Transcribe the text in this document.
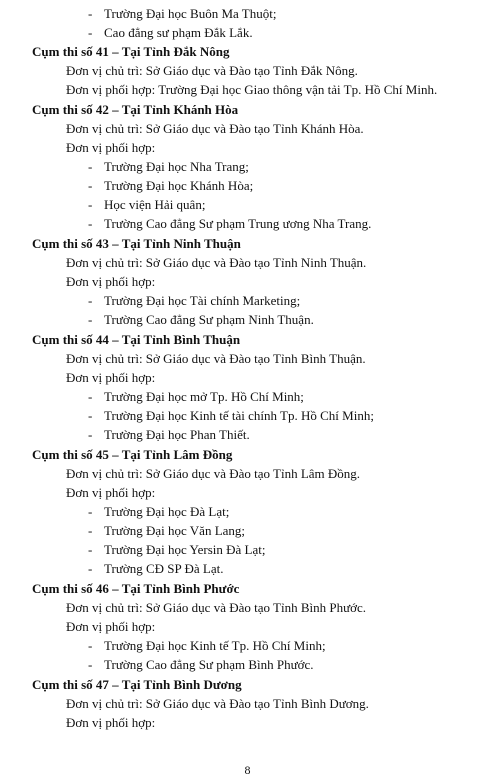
- Trường Đại học Buôn Ma Thuột;
- Cao đẳng sư phạm Đắk Lắk.
Cụm thi số 41 – Tại Tỉnh Đắk Nông
Đơn vị chủ trì: Sở Giáo dục và Đào tạo Tỉnh Đắk Nông.
Đơn vị phối hợp: Trường Đại học Giao thông vận tải Tp. Hồ Chí Minh.
Cụm thi số 42 – Tại Tỉnh Khánh Hòa
Đơn vị chủ trì: Sở Giáo dục và Đào tạo Tỉnh Khánh Hòa.
Đơn vị phối hợp:
- Trường Đại học Nha Trang;
- Trường Đại học Khánh Hòa;
- Học viện Hải quân;
- Trường Cao đẳng Sư phạm Trung ương Nha Trang.
Cụm thi số 43 – Tại Tỉnh Ninh Thuận
Đơn vị chủ trì: Sở Giáo dục và Đào tạo Tỉnh Ninh Thuận.
Đơn vị phối hợp:
- Trường Đại học Tài chính Marketing;
- Trường Cao đẳng Sư phạm Ninh Thuận.
Cụm thi số 44 – Tại Tỉnh Bình Thuận
Đơn vị chủ trì: Sở Giáo dục và Đào tạo Tỉnh Bình Thuận.
Đơn vị phối hợp:
- Trường Đại học mở Tp. Hồ Chí Minh;
- Trường Đại học Kinh tế tài chính Tp. Hồ Chí Minh;
- Trường Đại học Phan Thiết.
Cụm thi số 45 – Tại Tỉnh Lâm Đồng
Đơn vị chủ trì: Sở Giáo dục và Đào tạo Tỉnh Lâm Đồng.
Đơn vị phối hợp:
- Trường Đại học Đà Lạt;
- Trường Đại học Văn Lang;
- Trường Đại học Yersin Đà Lạt;
- Trường CĐ SP Đà Lạt.
Cụm thi số 46 – Tại Tỉnh Bình Phước
Đơn vị chủ trì: Sở Giáo dục và Đào tạo Tỉnh Bình Phước.
Đơn vị phối hợp:
- Trường Đại học Kinh tế Tp. Hồ Chí Minh;
- Trường Cao đẳng Sư phạm Bình Phước.
Cụm thi số 47 – Tại Tỉnh Bình Dương
Đơn vị chủ trì: Sở Giáo dục và Đào tạo Tỉnh Bình Dương.
Đơn vị phối hợp:
8
